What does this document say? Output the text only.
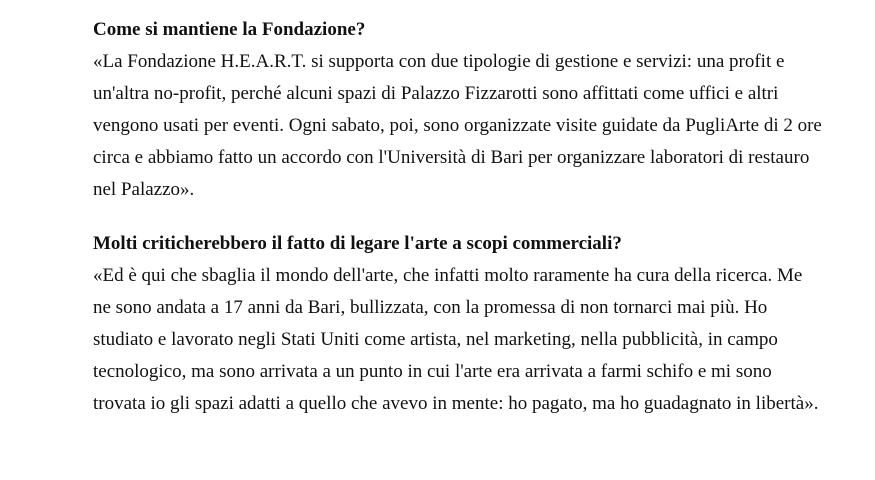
Come si mantiene la Fondazione?

«La Fondazione H.E.A.R.T. si supporta con due tipologie di gestione e servizi: una profit e un'altra no-profit, perché alcuni spazi di Palazzo Fizzarotti sono affittati come uffici e altri vengono usati per eventi. Ogni sabato, poi, sono organizzate visite guidate da PugliArte di 2 ore circa e abbiamo fatto un accordo con l'Università di Bari per organizzare laboratori di restauro nel Palazzo».

Molti criticherebbero il fatto di legare l'arte a scopi commerciali?

«Ed è qui che sbaglia il mondo dell'arte, che infatti molto raramente ha cura della ricerca. Me ne sono andata a 17 anni da Bari, bullizzata, con la promessa di non tornarci mai più. Ho studiato e lavorato negli Stati Uniti come artista, nel marketing, nella pubblicità, in campo tecnologico, ma sono arrivata a un punto in cui l'arte era arrivata a farmi schifo e mi sono trovata io gli spazi adatti a quello che avevo in mente: ho pagato, ma ho guadagnato in libertà».
